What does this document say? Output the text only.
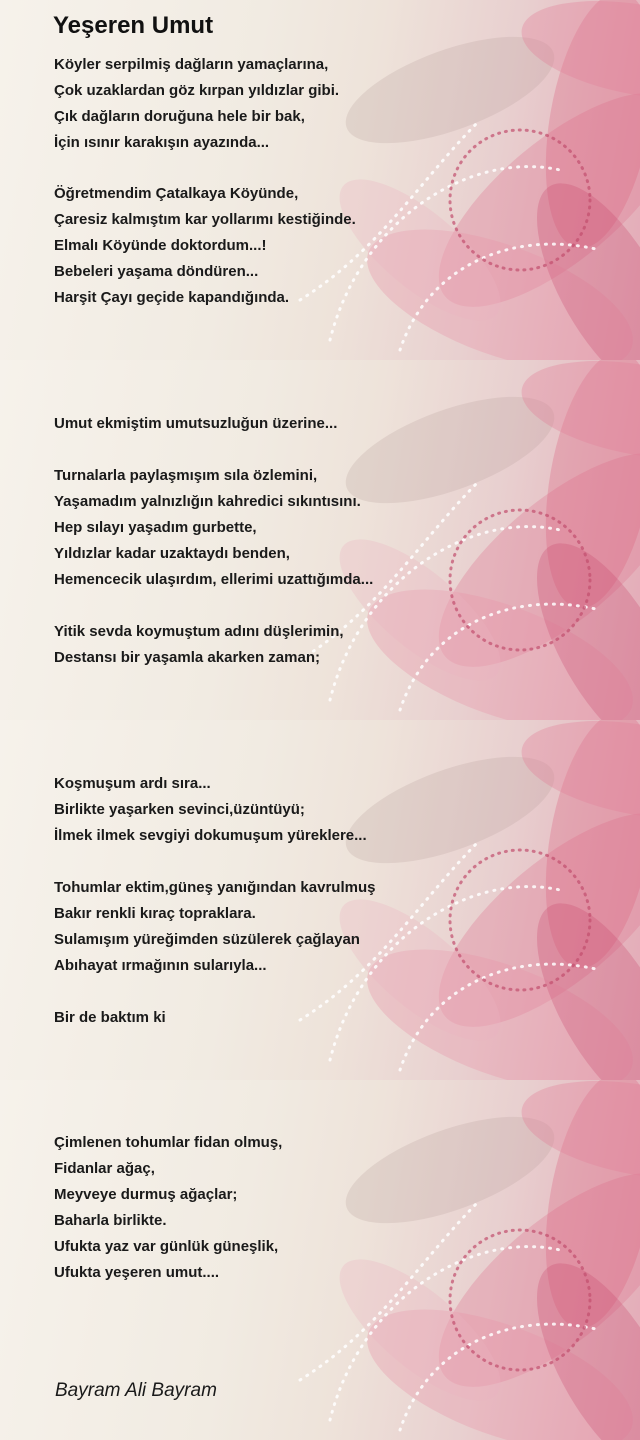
Yeşeren Umut
Köyler serpilmiş dağların yamaçlarına,
Çok uzaklardan göz kırpan yıldızlar gibi.
Çık dağların doruğuna hele bir bak,
İçin ısınır karakışın ayazında...
Öğretmendim Çatalkaya Köyünde,
Çaresiz kalmıştım kar yollarımı kestiğinde.
Elmalı Köyünde doktordum...!
Bebeleri yaşama döndüren...
Harşit Çayı geçide kapandığında.
Umut ekmiştim umutsuzluğun üzerine...
Turnalarla paylaşmışım sıla özlemini,
Yaşamadım yalnızlığın kahredici sıkıntısını.
Hep sılayı yaşadım gurbette,
Yıldızlar kadar uzaktaydı benden,
Hemencecik ulaşırdım, ellerimi uzattığımda...
Yitik sevda koymuştum adını düşlerimin,
Destansı bir yaşamla akarken zaman;
Koşmuşum ardı sıra...
Birlikte yaşarken sevinci,üzüntüyü;
İlmek ilmek sevgiyi dokumuşum yüreklere...
Tohumlar ektim,güneş yanığından kavrulmuş
Bakır renkli kıraç topraklara.
Sulamışım yüreğimden süzülerek çağlayan
Abıhayat ırmağının sularıyla...
Bir de baktım ki
Çimlenen tohumlar fidan olmuş,
Fidanlar ağaç,
Meyveye durmuş ağaçlar;
Baharla birlikte.
Ufukta yaz var günlük güneşlik,
Ufukta yeşeren umut....
Bayram Ali Bayram
